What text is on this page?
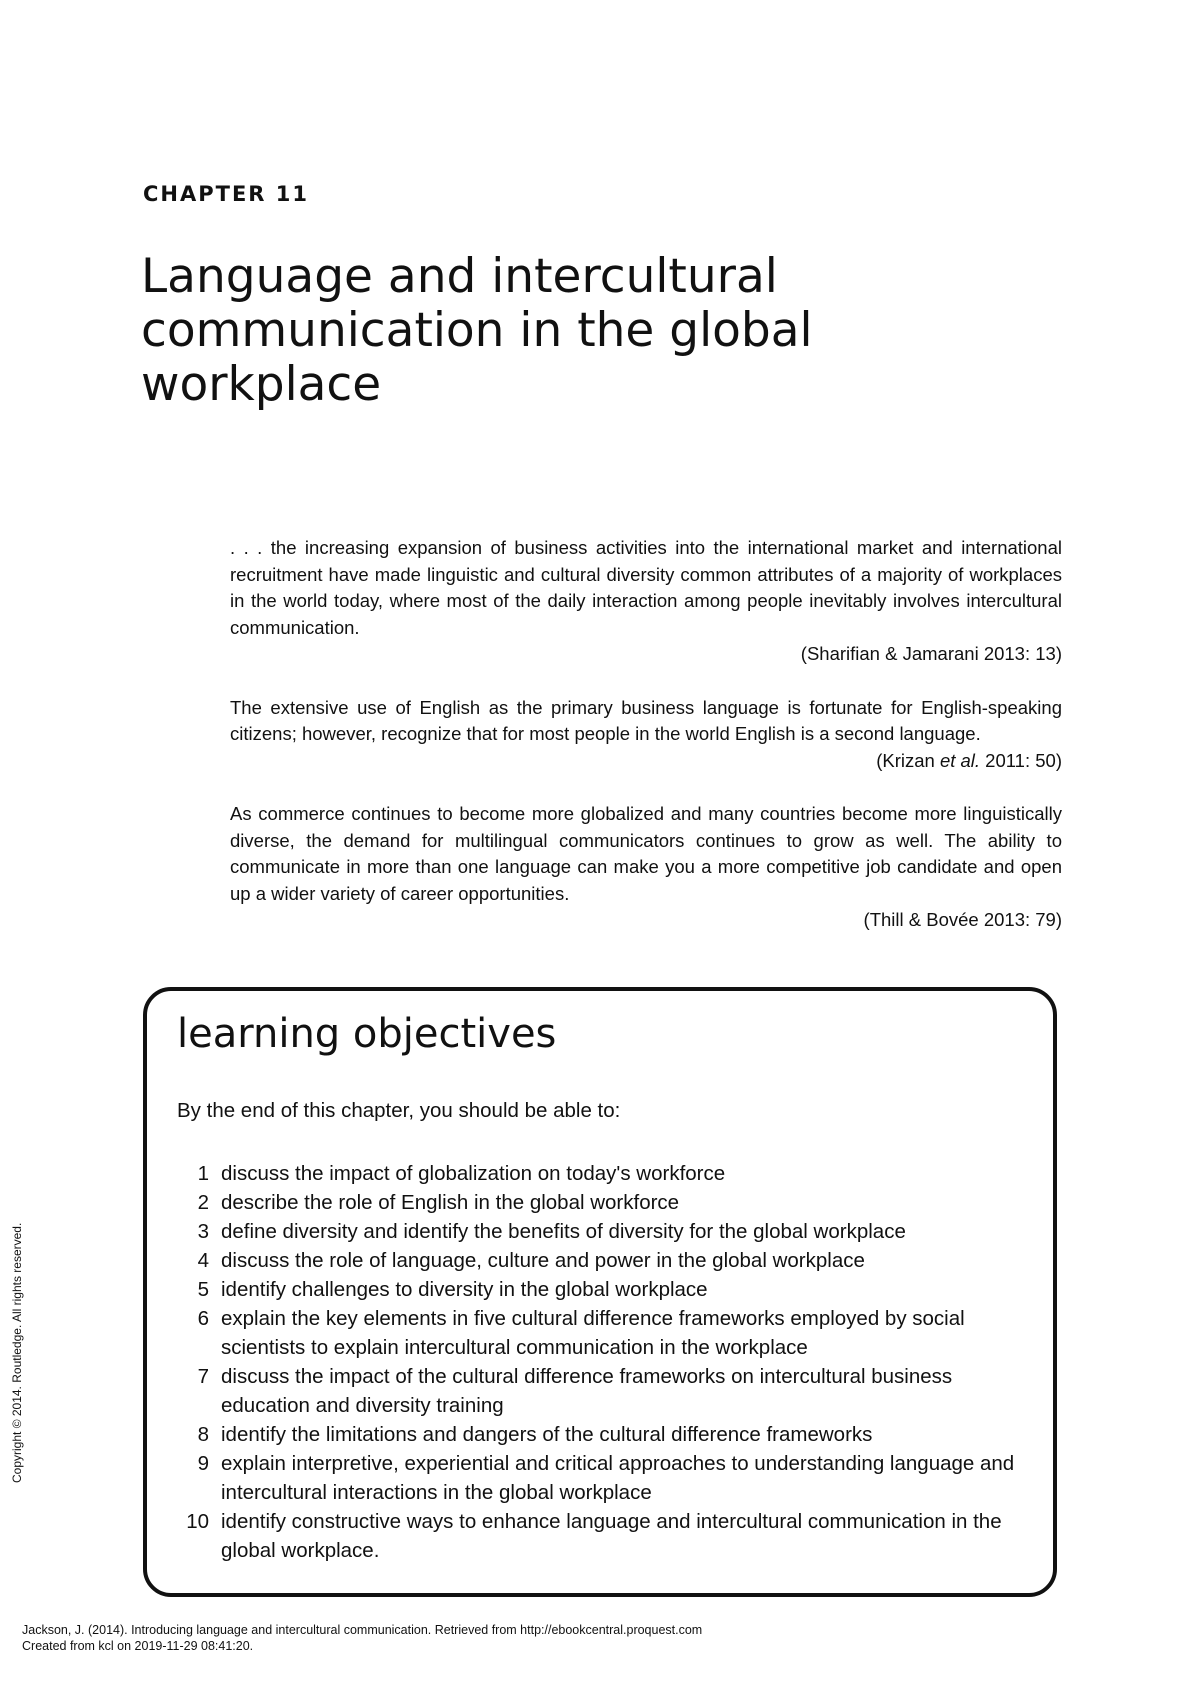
CHAPTER 11
Language and intercultural communication in the global workplace

. . . the increasing expansion of business activities into the international market and international recruitment have made linguistic and cultural diversity common attributes of a majority of workplaces in the world today, where most of the daily interaction among people inevitably involves intercultural communication.

(Sharifian & Jamarani 2013: 13)

The extensive use of English as the primary business language is fortunate for English-speaking citizens; however, recognize that for most people in the world English is a second language.

(Krizan et al. 2011: 50)

As commerce continues to become more globalized and many countries become more linguistically diverse, the demand for multilingual communicators continues to grow as well. The ability to communicate in more than one language can make you a more competitive job candidate and open up a wider variety of career opportunities.

(Thill & Bovée 2013: 79)

learning objectives

By the end of this chapter, you should be able to:

1 discuss the impact of globalization on today's workforce
2 describe the role of English in the global workforce
3 define diversity and identify the benefits of diversity for the global workplace
4 discuss the role of language, culture and power in the global workplace
5 identify challenges to diversity in the global workplace
6 explain the key elements in five cultural difference frameworks employed by social scientists to explain intercultural communication in the workplace
7 discuss the impact of the cultural difference frameworks on intercultural business education and diversity training
8 identify the limitations and dangers of the cultural difference frameworks
9 explain interpretive, experiential and critical approaches to understanding language and intercultural interactions in the global workplace
10 identify constructive ways to enhance language and intercultural communication in the global workplace.
Copyright © 2014. Routledge. All rights reserved.
Jackson, J. (2014). Introducing language and intercultural communication. Retrieved from http://ebookcentral.proquest.com
Created from kcl on 2019-11-29 08:41:20.
